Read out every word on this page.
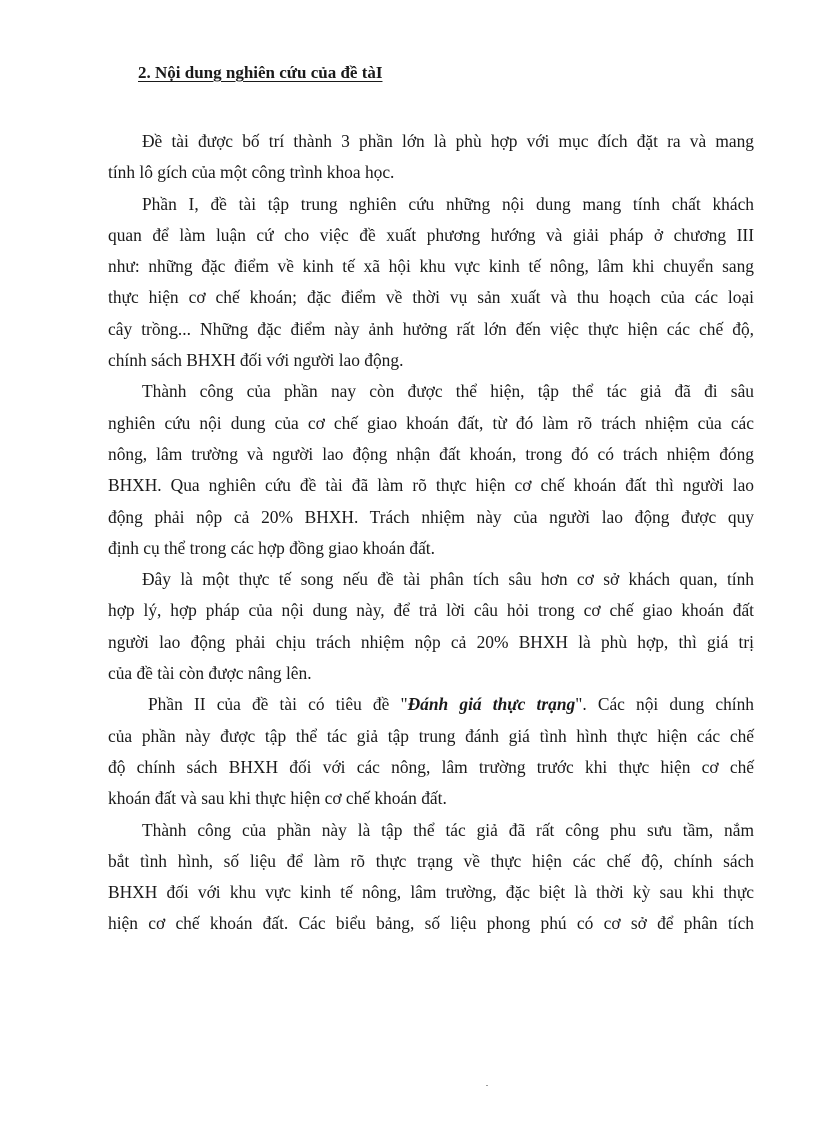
2. Nội dung nghiên cứu của đề tàI
Đề tài được bố trí thành 3 phần lớn là phù hợp với mục đích đặt ra và mang
tính lô gích của một công trình khoa học.
Phần I, đề tài tập trung nghiên cứu những nội dung mang tính chất khách
quan để làm luận cứ cho việc đề xuất phương hướng và giải pháp ở chương III
như: những đặc điểm về kinh tế xã hội khu vực kinh tế nông, lâm khi chuyển sang
thực hiện cơ chế khoán; đặc điểm về thời vụ sản xuất và thu hoạch của các loại
cây trồng... Những đặc điểm này ảnh hưởng rất lớn đến việc thực hiện các chế độ,
chính sách BHXH đối với người lao động.
Thành công của phần nay còn được thể hiện, tập thể tác giả đã đi sâu
nghiên cứu nội dung của cơ chế giao khoán đất, từ đó làm rõ trách nhiệm của các
nông, lâm trường và người lao động nhận đất khoán, trong đó có trách nhiệm đóng
BHXH. Qua nghiên cứu đề tài đã làm rõ thực hiện cơ chế khoán đất thì người lao
động phải nộp cả 20% BHXH. Trách nhiệm này của người lao động được quy
định cụ thể trong các hợp đồng giao khoán đất.
Đây là một thực tế song nếu đề tài phân tích sâu hơn cơ sở khách quan, tính
hợp lý, hợp pháp của nội dung này, để trả lời câu hỏi trong cơ chế giao khoán đất
người lao động phải chịu trách nhiệm nộp cả 20% BHXH là phù hợp, thì giá trị
của đề tài còn được nâng lên.
Phần II của đề tài có tiêu đề "Đánh giá thực trạng". Các nội dung chính
của phần này được tập thể tác giả tập trung đánh giá tình hình thực hiện các chế
độ chính sách BHXH đối với các nông, lâm trường trước khi thực hiện cơ chế
khoán đất và sau khi thực hiện cơ chế khoán đất.
Thành công của phần này là tập thể tác giả đã rất công phu sưu tầm, nắm
bắt tình hình, số liệu để làm rõ thực trạng về thực hiện các chế độ, chính sách
BHXH đối với khu vực kinh tế nông, lâm trường, đặc biệt là thời kỳ sau khi thực
hiện cơ chế khoán đất. Các biểu bảng, số liệu phong phú có cơ sở để phân tích
